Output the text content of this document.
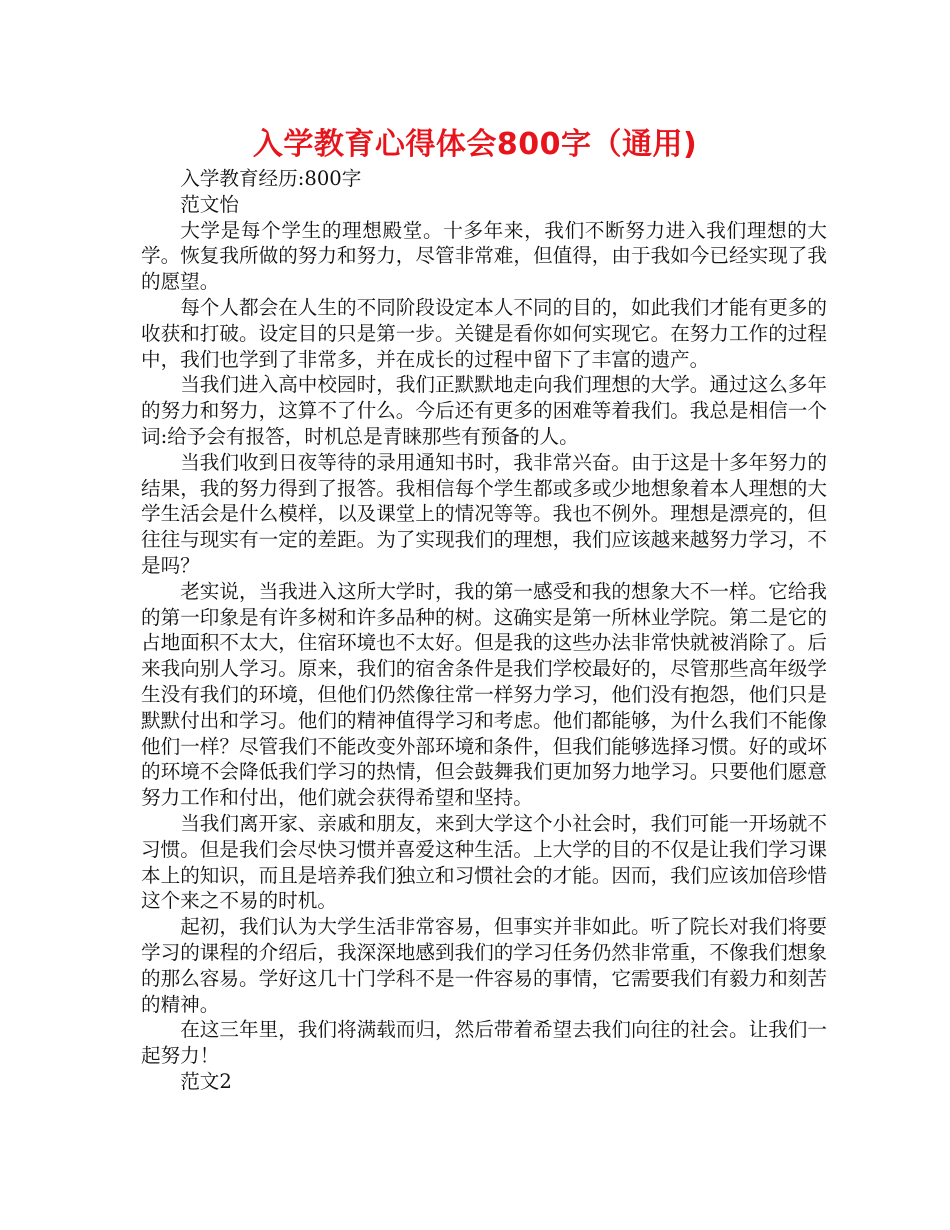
入学教育心得体会800字（通用)

入学教育经历:800字

范文怡

大学是每个学生的理想殿堂。十多年来，我们不断努力进入我们理想的大学。恢复我所做的努力和努力，尽管非常难，但值得，由于我如今已经实现了我的愿望。

每个人都会在人生的不同阶段设定本人不同的目的，如此我们才能有更多的收获和打破。设定目的只是第一步。关键是看你如何实现它。在努力工作的过程中，我们也学到了非常多，并在成长的过程中留下了丰富的遗产。

当我们进入高中校园时，我们正默默地走向我们理想的大学。通过这么多年的努力和努力，这算不了什么。今后还有更多的困难等着我们。我总是相信一个词:给予会有报答，时机总是青睐那些有预备的人。

当我们收到日夜等待的录用通知书时，我非常兴奋。由于这是十多年努力的结果，我的努力得到了报答。我相信每个学生都或多或少地想象着本人理想的大学生活会是什么模样，以及课堂上的情况等等。我也不例外。理想是漂亮的，但往往与现实有一定的差距。为了实现我们的理想，我们应该越来越努力学习，不是吗？

老实说，当我进入这所大学时，我的第一感受和我的想象大不一样。它给我的第一印象是有许多树和许多品种的树。这确实是第一所林业学院。第二是它的占地面积不太大，住宿环境也不太好。但是我的这些办法非常快就被消除了。后来我向别人学习。原来，我们的宿舍条件是我们学校最好的，尽管那些高年级学生没有我们的环境，但他们仍然像往常一样努力学习，他们没有抱怨，他们只是默默付出和学习。他们的精神值得学习和考虑。他们都能够，为什么我们不能像他们一样？尽管我们不能改变外部环境和条件，但我们能够选择习惯。好的或坏的环境不会降低我们学习的热情，但会鼓舞我们更加努力地学习。只要他们愿意努力工作和付出，他们就会获得希望和坚持。

当我们离开家、亲戚和朋友，来到大学这个小社会时，我们可能一开场就不习惯。但是我们会尽快习惯并喜爱这种生活。上大学的目的不仅是让我们学习课本上的知识，而且是培养我们独立和习惯社会的才能。因而，我们应该加倍珍惜这个来之不易的时机。

起初，我们认为大学生活非常容易，但事实并非如此。听了院长对我们将要学习的课程的介绍后，我深深地感到我们的学习任务仍然非常重，不像我们想象的那么容易。学好这几十门学科不是一件容易的事情，它需要我们有毅力和刻苦的精神。

在这三年里，我们将满载而归，然后带着希望去我们向往的社会。让我们一起努力！

范文2
